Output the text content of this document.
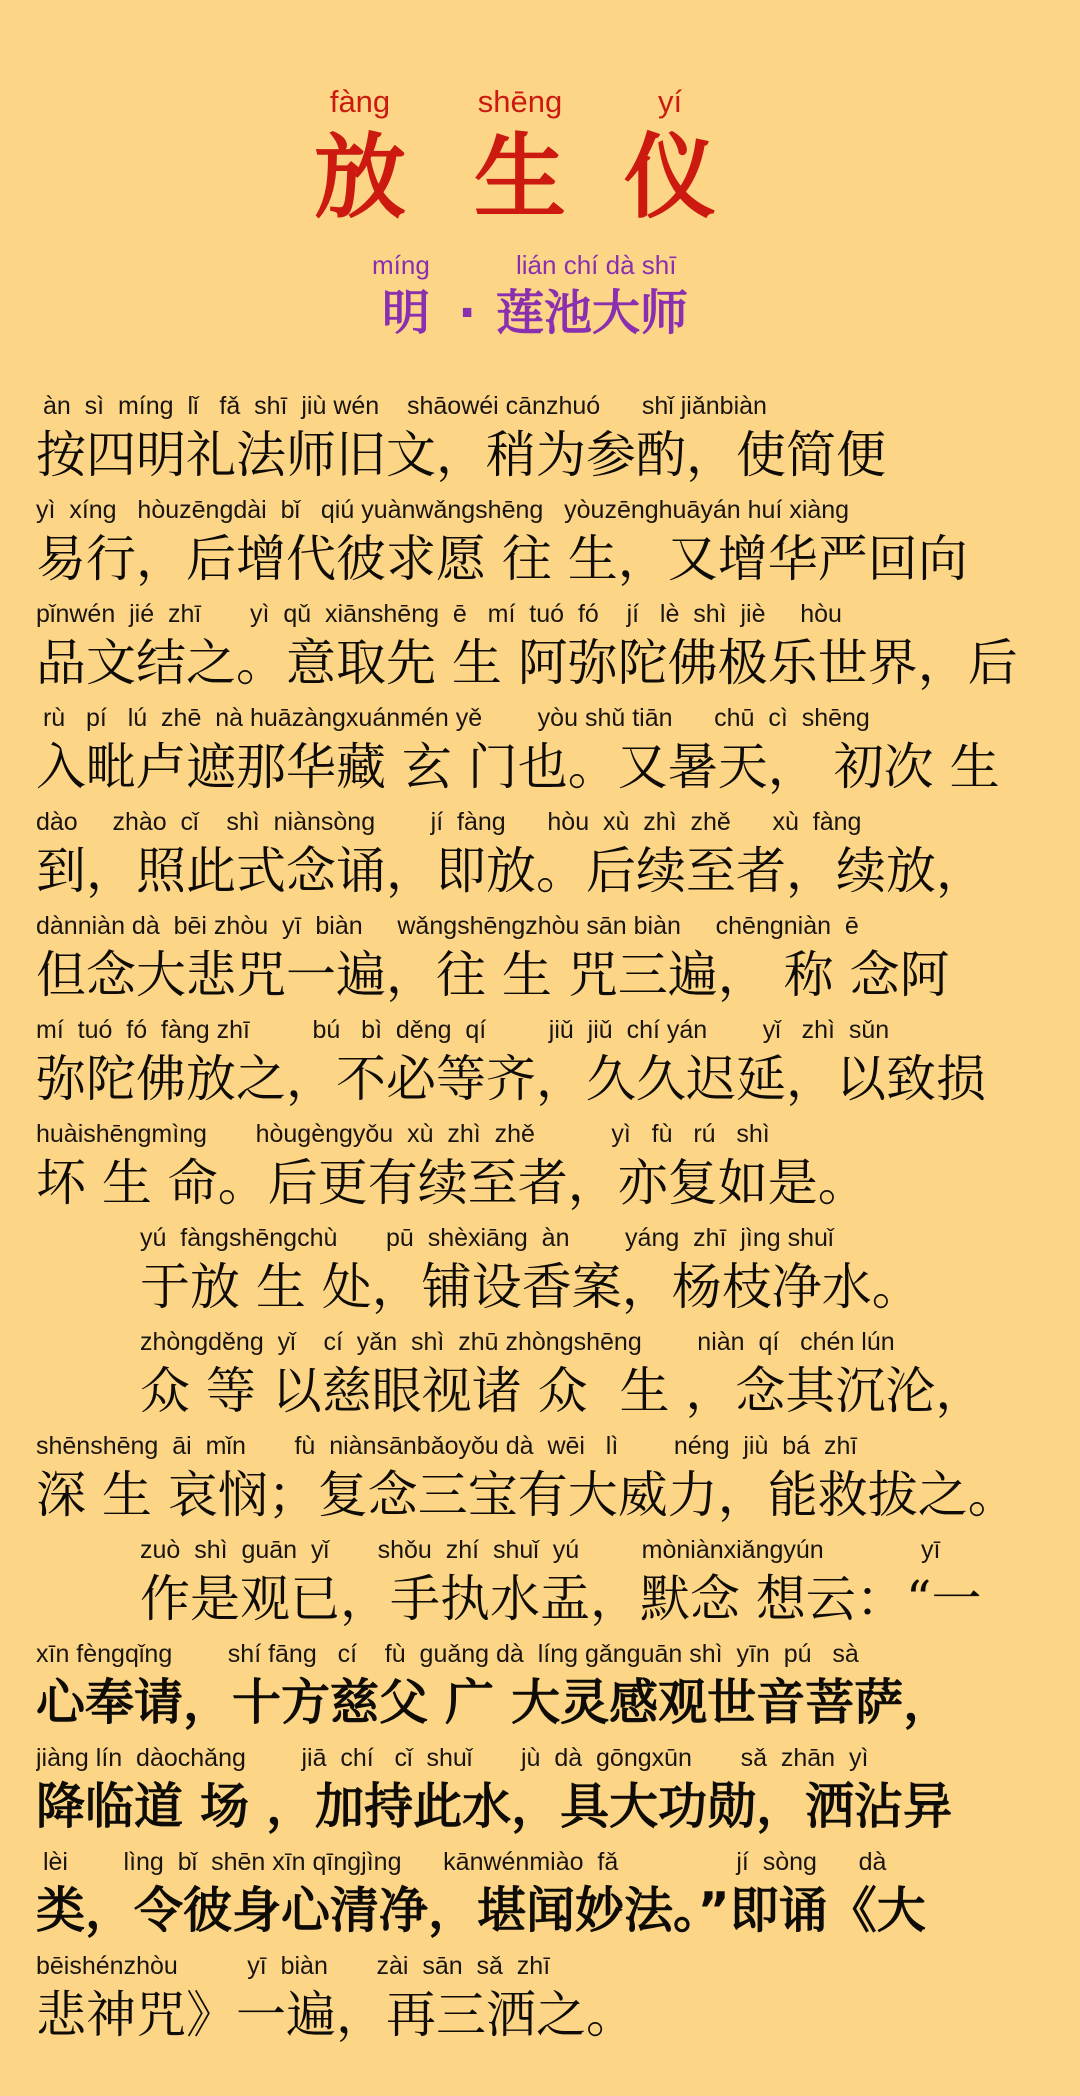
fàng	shēng	yí
放 生 仪
míng	lián chí dà shī
明 · 莲池大师
àn  sì  míng  lǐ   fǎ  shī  jiù wén    shāowéi cānzhuó      shǐ jiǎnbiàn
按四明礼法师旧文，稍为参酌，使简便
yì  xíng   hòuzēngdài  bǐ   qiú yuànwǎngshēng   yòuzēnghuāyán huí xiàng
易行，后增代彼求愿 往 生，又增华严回向
pǐnwén  jié  zhī       yì  qǔ  xiānshēng  ē   mí  tuó  fó    jí   lè  shì  jiè     hòu
品文结之。意取先 生 阿弥陀佛极乐世界，后
rù   pí   lú  zhē  nà huāzàngxuánmén yě        yòu shǔ tiān      chū  cì  shēng
入毗卢遮那华藏 玄 门也。又暑天， 初次 生
dào     zhào  cǐ    shì  niànsòng        jí  fàng      hòu  xù  zhì  zhě      xù  fàng
到，照此式念诵，即放。后续至者，续放，
dànniàn dà  bēi zhòu  yī  biàn     wǎngshēngzhòu sān biàn     chēngniàn  ē
但念大悲咒一遍，往 生 咒三遍， 称 念阿
mí  tuó  fó  fàng zhī         bú   bì  děng  qí         jiǔ  jiǔ  chí yán        yǐ   zhì  sǔn
弥陀佛放之，不必等齐，久久迟延，以致损
huàishēngmìng       hòugèngyǒu  xù  zhì  zhě           yì   fù   rú   shì
坏 生 命。后更有续至者，亦复如是。
yú  fàngshēngchù       pū  shèxiāng  àn        yáng  zhī  jìng shuǐ
于放 生 处，铺设香案，杨枝净水。
zhòngděng  yǐ    cí  yǎn  shì  zhū zhòngshēng        niàn  qí   chén lún
众 等 以慈眼视诸 众  生 ，念其沉沦，
shēnshēng  āi  mǐn       fù  niànsānbǎoyǒu dà  wēi   lì        néng  jiù  bá  zhī
深 生 哀悯；复念三宝有大威力，能救拔之。
zuò  shì  guān  yǐ       shǒu  zhí  shuǐ  yú         mòniànxiǎngyún              yī
作是观已，手执水盂，默念 想云：“一
xīn fèngqǐng        shí fāng   cí    fù  guǎng dà  líng gǎnguān shì  yīn  pú   sà
心奉请，十方慈父 广 大灵感观世音菩萨，
jiàng lín  dàochǎng        jiā  chí   cǐ  shuǐ       jù  dà  gōngxūn       sǎ  zhān  yì
降临道 场 ，加持此水，具大功勋，洒沾异
lèi        lìng  bǐ  shēn xīn qīngjìng      kānwénmiào  fǎ                 jí  sòng      dà
类，令彼身心清净，堪闻妙法。”即诵《大
bēishénzhòu          yī  biàn       zài  sān  sǎ  zhī
悲神咒》一遍，再三洒之。
